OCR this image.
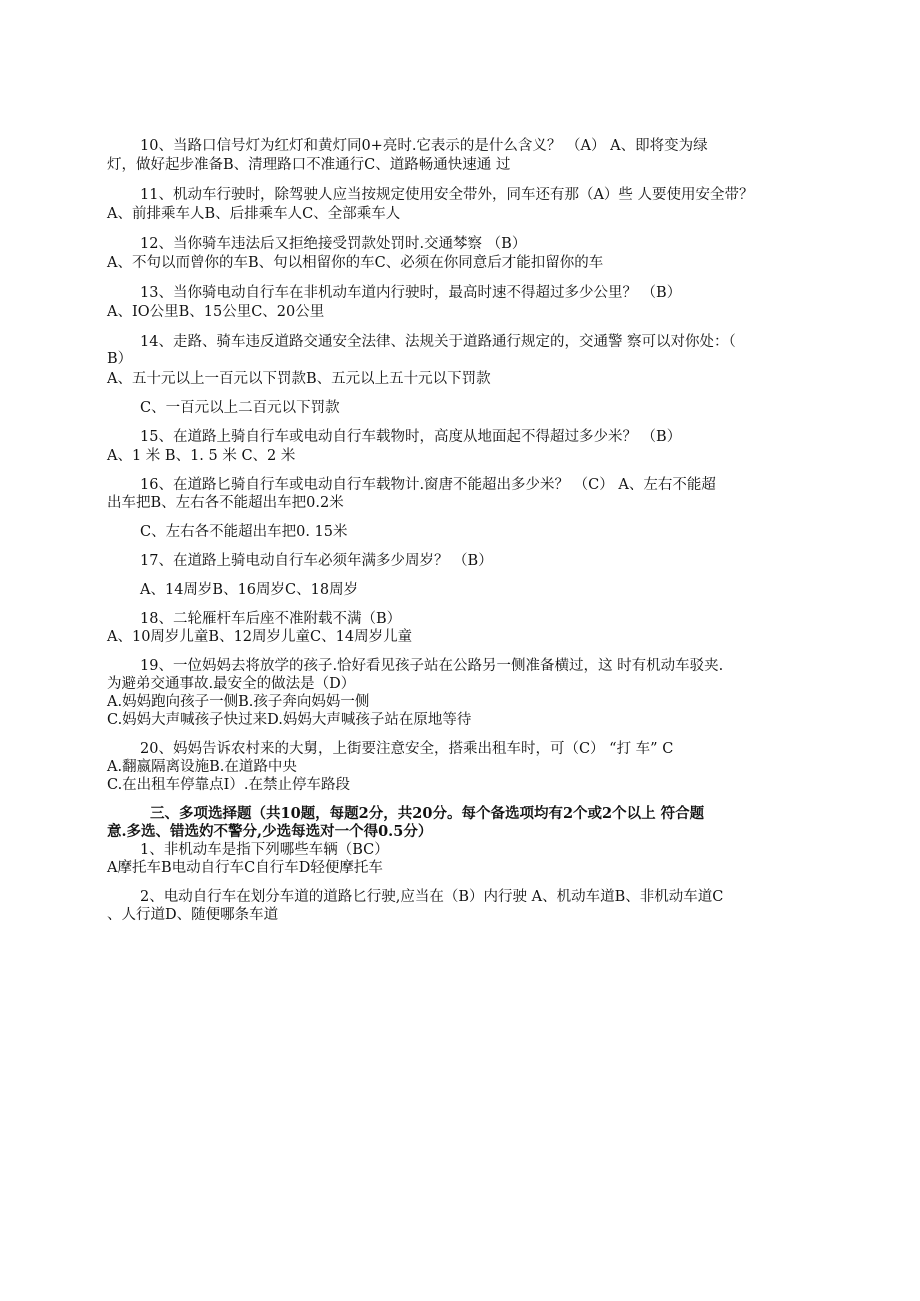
10、当路口信号灯为红灯和黄灯同0+亮时.它表示的是什么含义？ （A） A、即将变为绿
灯，做好起步准备B、清理路口不准通行C、道路畅通快速通 过
11、机动车行驶时，除驾驶人应当按规定使用安全带外，同车还有那（A）些 人要使用安全带？
A、前排乘车人B、后排乘车人C、全部乘车人
12、当你骑车违法后又拒绝接受罚款处罚时.交通棽察 （B）
A、不句以而曾你的车B、句以相留你的车C、必须在你同意后才能扣留你的车
13、当你骑电动自行车在非机动车道内行驶时，最高时速不得超过多少公里？ （B）
A、IO公里B、15公里C、20公里
14、走路、骑车违反道路交通安全法律、法规关于道路通行规定的，交通警 察可以对你处：（
B）
A、五十元以上一百元以下罚款B、五元以上五十元以下罚款
C、一百元以上二百元以下罚款
15、在道路上骑自行车或电动自行车载物时，高度从地面起不得超过多少米？ （B）
A、1 米 B、1. 5 米 C、2 米
16、在道路匕骑自行车或电动自行车载物计.窗唐不能超出多少米？ （C） A、左右不能超
出车把B、左右各不能超出车把0.2米
C、左右各不能超出车把0. 15米
17、在道路上骑电动自行车必须年满多少周岁？ （B）
A、14周岁B、16周岁C、18周岁
18、二轮雁杆车后座不准附载不满（B）
A、10周岁儿童B、12周岁儿童C、14周岁儿童
19、一位妈妈去将放学的孩子.恰好看见孩子站在公路另一侧准备横过，这 时有机动车驳夹.
为避弟交通事故.最安全的做法是（D）
A.妈妈跑向孩子一侧B.孩子奔向妈妈一侧
C.妈妈大声喊孩子快过来D.妈妈大声喊孩子站在原地等待
20、妈妈告诉农村来的大舅，上街要注意安全，搭乘出租车时，可（C） “打 车” C
A.翻嬴隔离设施B.在道路中央
C.在出租车停靠点I）.在禁止停车路段
三、多项选择题（共10题，每题2分，共20分。每个备选项均有2个或2个以上 符合题
意.多选、错选妁不警分,少选每选对一个得0.5分）
1、非机动车是指下列哪些车辆（BC）
A摩托车B电动自行车C自行车D轻便摩托车
2、电动自行车在划分车道的道路匕行驶,应当在（B）内行驶 A、机动车道B、非机动车道C
、人行道D、随便哪条车道
